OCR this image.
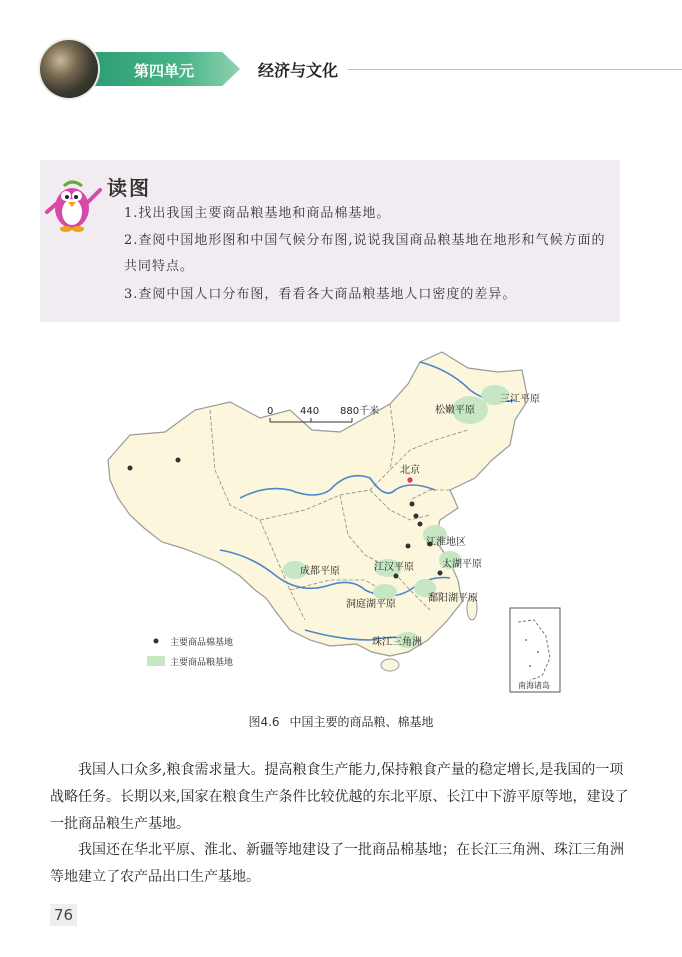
第四单元	经济与文化
读图
1.找出我国主要商品粮基地和商品棉基地。
2.查阅中国地形图和中国气候分布图,说说我国商品粮基地在地形和气候方面的共同特点。
3.查阅中国人口分布图，看看各大商品粮基地人口密度的差异。
0	440 880千米
三江平原
松嫩平原
北京
江淮地区
太湖平原
江汉平原
成都平原
洞庭湖平原
鄱阳湖平原
珠江三角洲
南海诸岛
主要商品棉基地
主要商品粮基地
图4.6 中国主要的商品粮、棉基地

我国人口众多,粮食需求量大。提高粮食生产能力,保持粮食产量的稳定增长,是我国的一项战略任务。长期以来,国家在粮食生产条件比较优越的东北平原、长江中下游平原等地，建设了一批商品粮生产基地。

我国还在华北平原、淮北、新疆等地建设了一批商品棉基地；在长江三角洲、珠江三角洲等地建立了农产品出口生产基地。

76
